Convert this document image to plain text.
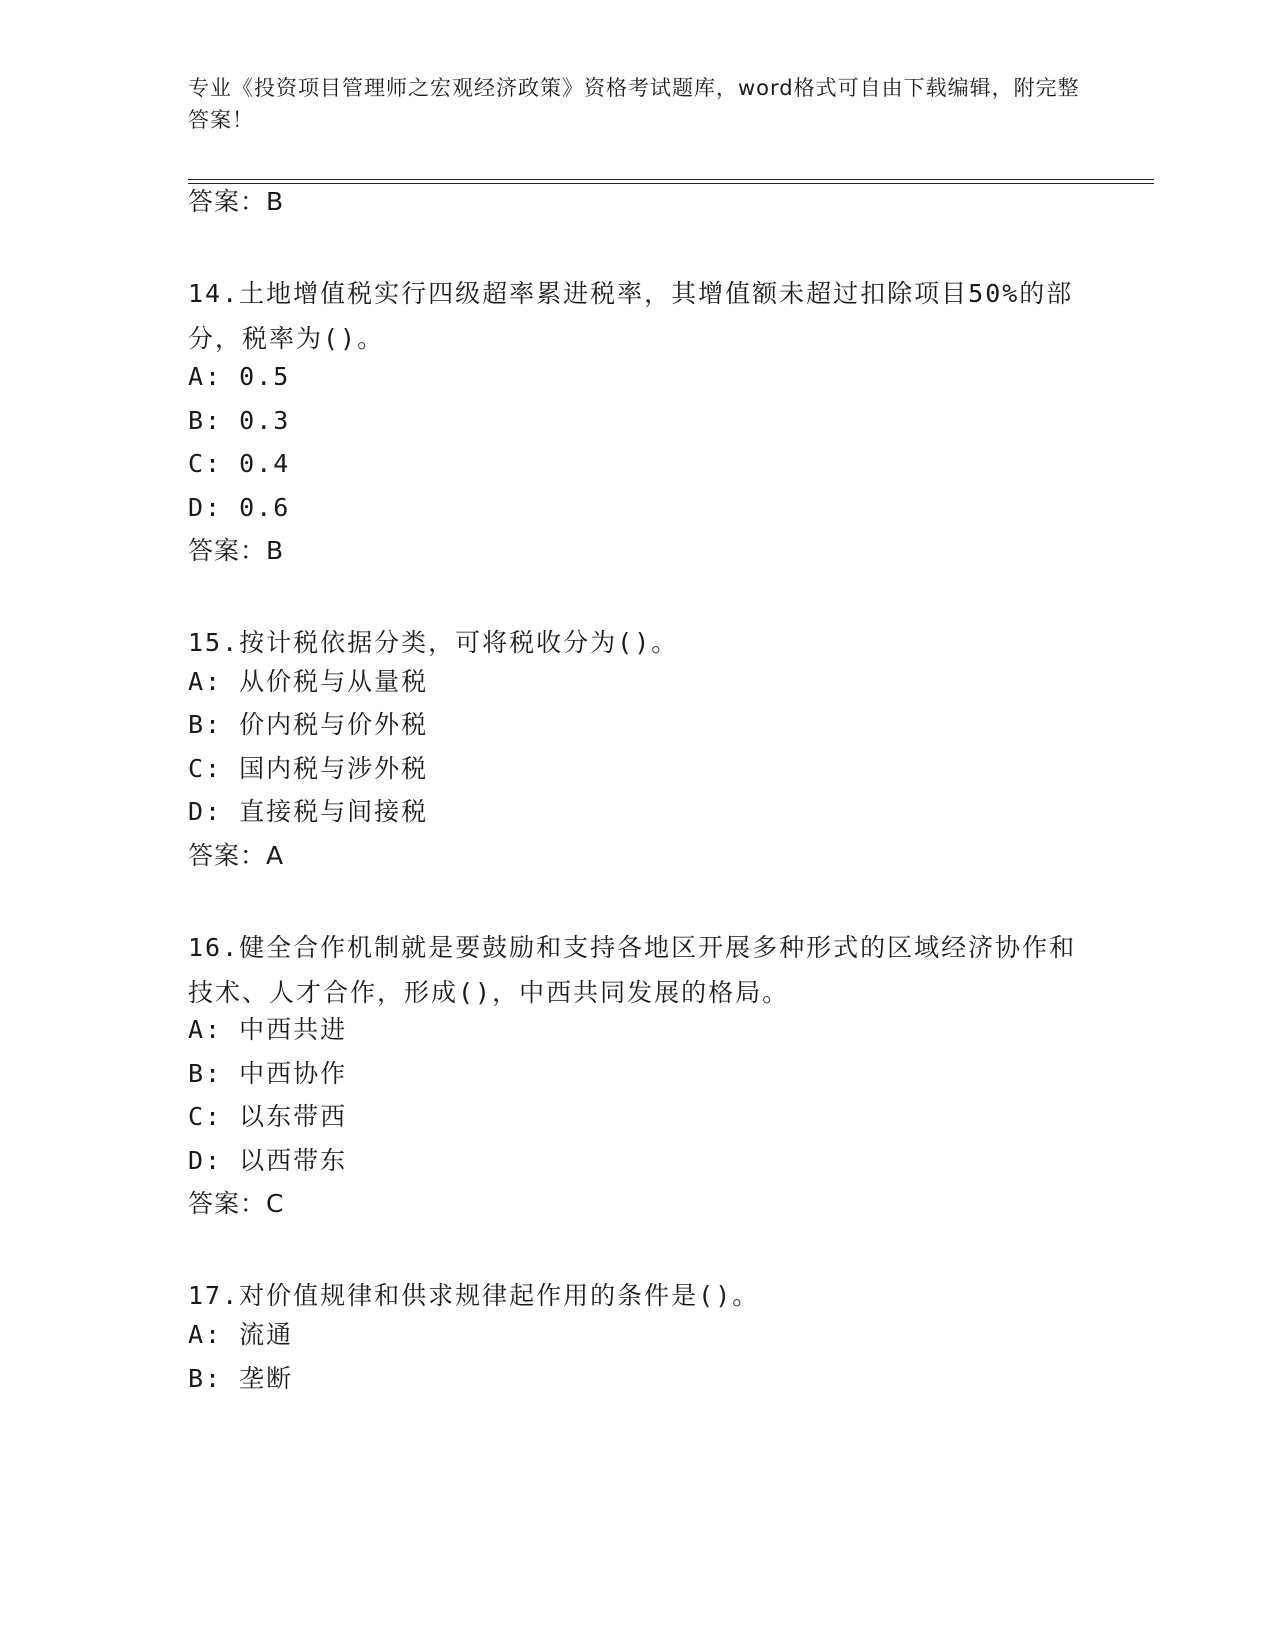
专业《投资项目管理师之宏观经济政策》资格考试题库，word格式可自由下载编辑，附完整答案！
答案：B
14.土地增值税实行四级超率累进税率，其增值额未超过扣除项目50%的部分，税率为()。
A: 0.5
B: 0.3
C: 0.4
D: 0.6
答案：B
15.按计税依据分类，可将税收分为()。
A: 从价税与从量税
B: 价内税与价外税
C: 国内税与涉外税
D: 直接税与间接税
答案：A
16.健全合作机制就是要鼓励和支持各地区开展多种形式的区域经济协作和技术、人才合作，形成()，中西共同发展的格局。
A: 中西共进
B: 中西协作
C: 以东带西
D: 以西带东
答案：C
17.对价值规律和供求规律起作用的条件是()。
A: 流通
B: 垄断
